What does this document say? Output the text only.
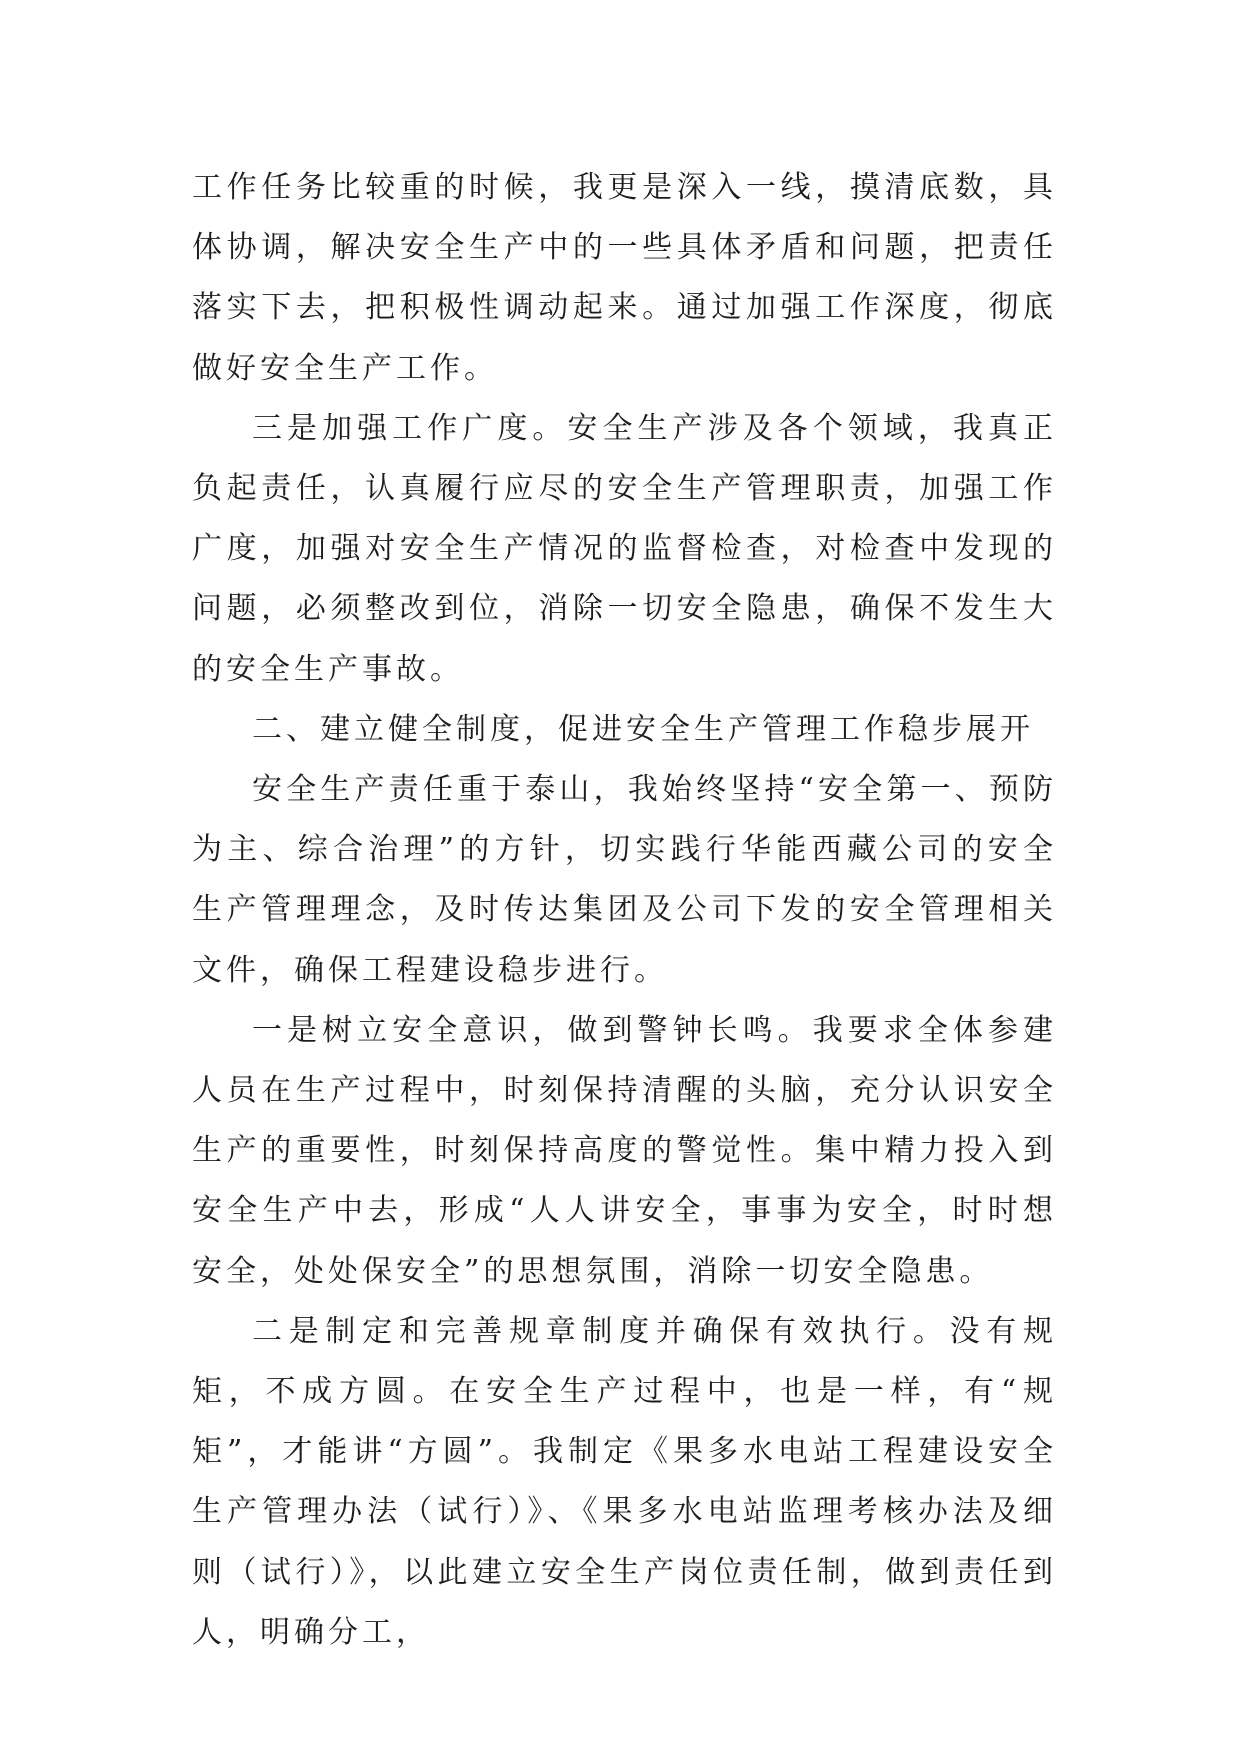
工作任务比较重的时候，我更是深入一线，摸清底数，具体协调，解决安全生产中的一些具体矛盾和问题，把责任落实下去，把积极性调动起来。通过加强工作深度，彻底做好安全生产工作。

三是加强工作广度。安全生产涉及各个领域，我真正负起责任，认真履行应尽的安全生产管理职责，加强工作广度，加强对安全生产情况的监督检查，对检查中发现的问题，必须整改到位，消除一切安全隐患，确保不发生大的安全生产事故。

二、建立健全制度，促进安全生产管理工作稳步展开

安全生产责任重于泰山，我始终坚持“安全第一、预防为主、综合治理”的方针，切实践行华能西藏公司的安全生产管理理念，及时传达集团及公司下发的安全管理相关文件，确保工程建设稳步进行。

一是树立安全意识，做到警钟长鸣。我要求全体参建人员在生产过程中，时刻保持清醒的头脑，充分认识安全生产的重要性，时刻保持高度的警觉性。集中精力投入到安全生产中去，形成“人人讲安全，事事为安全，时时想安全，处处保安全”的思想氛围，消除一切安全隐患。

二是制定和完善规章制度并确保有效执行。没有规矩，不成方圆。在安全生产过程中，也是一样，有“规矩”，才能讲“方圆”。我制定《果多水电站工程建设安全生产管理办法（试行）》、《果多水电站监理考核办法及细则（试行）》，以此建立安全生产岗位责任制，做到责任到人，明确分工，
